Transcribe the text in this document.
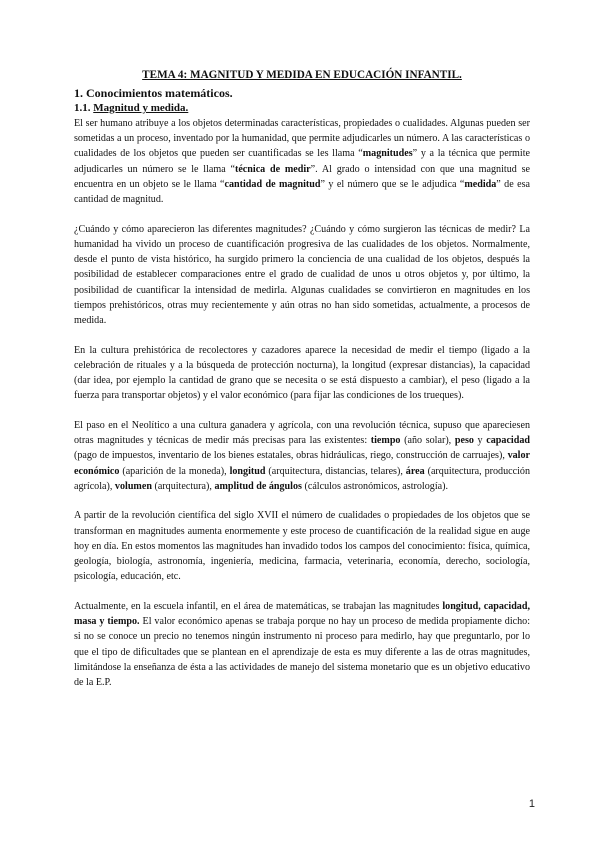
TEMA 4: MAGNITUD Y MEDIDA EN EDUCACIÓN INFANTIL.
1. Conocimientos matemáticos.
1.1. Magnitud y medida.

El ser humano atribuye a los objetos determinadas características, propiedades o cualidades. Algunas pueden ser sometidas a un proceso, inventado por la humanidad, que permite adjudicarles un número. A las características o cualidades de los objetos que pueden ser cuantificadas se les llama “magnitudes” y a la técnica que permite adjudicarles un número se le llama “técnica de medir”. Al grado o intensidad con que una magnitud se encuentra en un objeto se le llama “cantidad de magnitud” y el número que se le adjudica “medida” de esa cantidad de magnitud.

¿Cuándo y cómo aparecieron las diferentes magnitudes? ¿Cuándo y cómo surgieron las técnicas de medir? La humanidad ha vivido un proceso de cuantificación progresiva de las cualidades de los objetos. Normalmente, desde el punto de vista histórico, ha surgido primero la conciencia de una cualidad de los objetos, después la posibilidad de establecer comparaciones entre el grado de cualidad de unos u otros objetos y, por último, la posibilidad de cuantificar la intensidad de medirla. Algunas cualidades se convirtieron en magnitudes en los tiempos prehistóricos, otras muy recientemente y aún otras no han sido sometidas, actualmente, a procesos de medida.

En la cultura prehistórica de recolectores y cazadores aparece la necesidad de medir el tiempo (ligado a la celebración de rituales y a la búsqueda de protección nocturna), la longitud (expresar distancias), la capacidad (dar idea, por ejemplo la cantidad de grano que se necesita o se está dispuesto a cambiar), el peso (ligado a la fuerza para transportar objetos) y el valor económico (para fijar las condiciones de los trueques).

El paso en el Neolítico a una cultura ganadera y agrícola, con una revolución técnica, supuso que apareciesen otras magnitudes y técnicas de medir más precisas para las existentes: tiempo (año solar), peso y capacidad (pago de impuestos, inventario de los bienes estatales, obras hidráulicas, riego, construcción de carruajes), valor económico (aparición de la moneda), longitud (arquitectura, distancias, telares), área (arquitectura, producción agrícola), volumen (arquitectura), amplitud de ángulos (cálculos astronómicos, astrología).

A partir de la revolución científica del siglo XVII el número de cualidades o propiedades de los objetos que se transforman en magnitudes aumenta enormemente y este proceso de cuantificación de la realidad sigue en auge hoy en día. En estos momentos las magnitudes han invadido todos los campos del conocimiento: física, química, geología, biología, astronomía, ingeniería, medicina, farmacia, veterinaria, economía, derecho, sociología, psicología, educación, etc.

Actualmente, en la escuela infantil, en el área de matemáticas, se trabajan las magnitudes longitud, capacidad, masa y tiempo. El valor económico apenas se trabaja porque no hay un proceso de medida propiamente dicho: si no se conoce un precio no tenemos ningún instrumento ni proceso para medirlo, hay que preguntarlo, por lo que el tipo de dificultades que se plantean en el aprendizaje de esta es muy diferente a las de otras magnitudes, limitándose la enseñanza de ésta a las actividades de manejo del sistema monetario que es un objetivo educativo de la E.P.

1
